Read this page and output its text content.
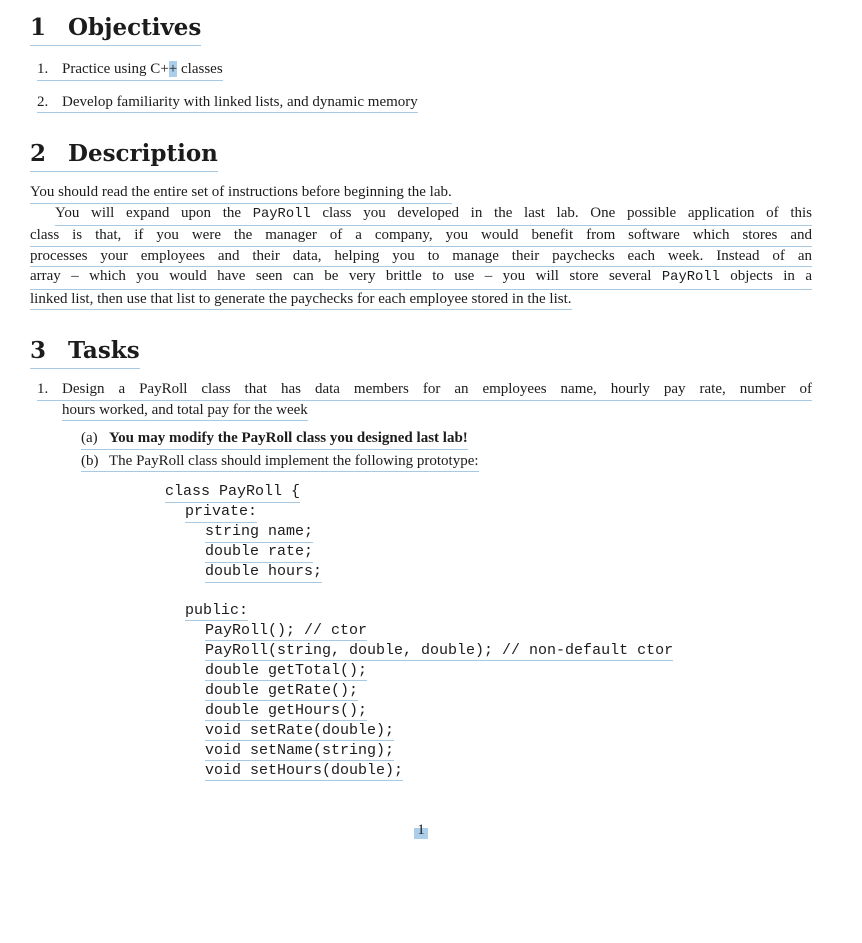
1 Objectives
1. Practice using C++ classes
2. Develop familiarity with linked lists, and dynamic memory
2 Description
You should read the entire set of instructions before beginning the lab.
You will expand upon the PayRoll class you developed in the last lab. One possible application of this
class is that, if you were the manager of a company, you would benefit from software which stores and
processes your employees and their data, helping you to manage their paychecks each week. Instead of an
array – which you would have seen can be very brittle to use – you will store several PayRoll objects in a
linked list, then use that list to generate the paychecks for each employee stored in the list.
3 Tasks
1. Design a PayRoll class that has data members for an employees name, hourly pay rate, number of
hours worked, and total pay for the week
(a) You may modify the PayRoll class you designed last lab!
(b) The PayRoll class should implement the following prototype:
class PayRoll {
private:
string name;
double rate;
double hours;
public:
PayRoll(); // ctor
PayRoll(string, double, double); // non-default ctor
double getTotal();
double getRate();
double getHours();
void setRate(double);
void setName(string);
void setHours(double);
1
